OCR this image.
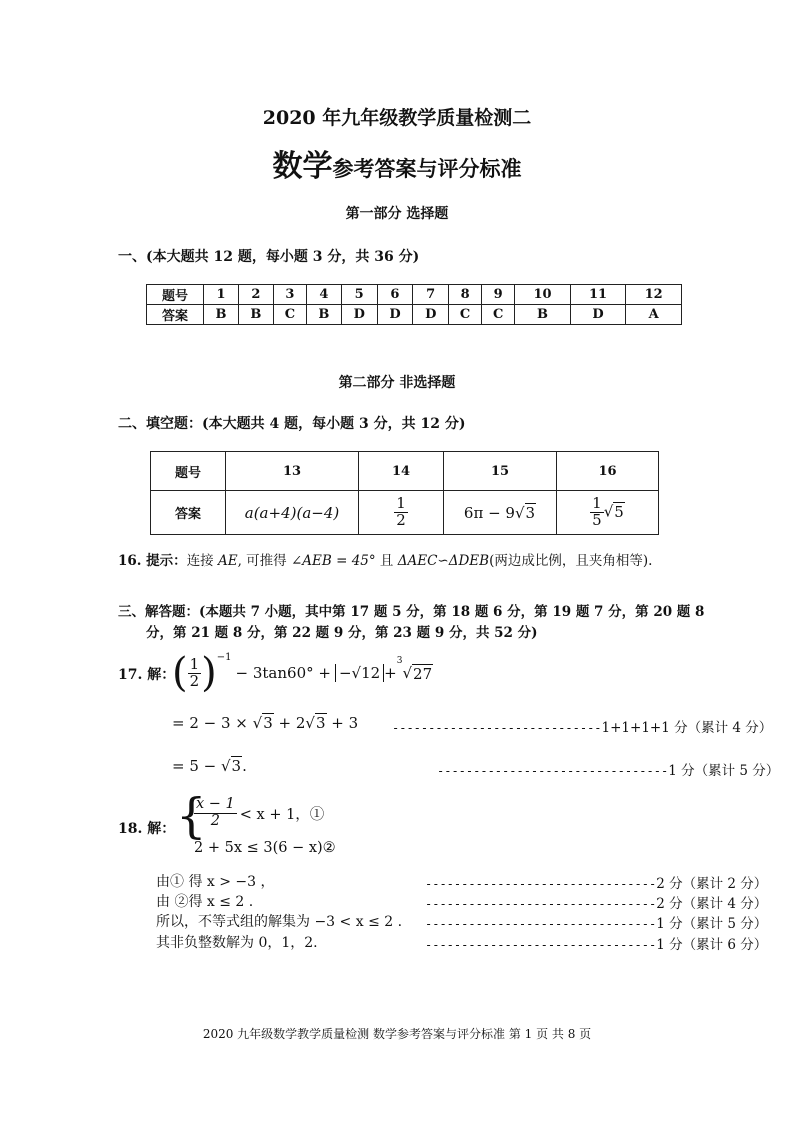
2020 年九年级教学质量检测二
数学参考答案与评分标准
第一部分 选择题
一、(本大题共 12 题，每小题 3 分，共 36 分)
题号	1	2	3	4	5	6	7	8	9	10	11	12
答案	B	B	C	B	D	D	D	C	C	B	D	A
第二部分 非选择题
二、填空题：(本大题共 4 题，每小题 3 分，共 12 分)
题号	13	14	15	16
答案	a(a+4)(a−4)	$\frac{1}{2}$	6π − 9√3	$\frac{1}{5} √5$
16. 提示：连接 AE, 可推得 ∠AEB = 45° 且 ΔAEC∽ΔDEB(两边成比例，且夹角相等).
三、解答题：(本题共 7 小题，其中第 17 题 5 分，第 18 题 6 分，第 19 题 7 分，第 20 题 8
分，第 21 题 8 分，第 22 题 9 分，第 23 题 9 分，共 52 分)
17. 解：
( $\frac{1}{2} )^{-1}$
− 3tan60° + −√12 +
$^3$
√ 27
= 2 − 3 × √3 + 2√3 + 3	-----------------------------1+1+1+1 分（累计 4 分）
= 5 − √3.	--------------------------------1 分（累计 5 分）
18. 解： {
$\frac{x - 1}{2} < x + 1$，①
2 + 5x ≤ 3(6 − x)②
由① 得 x > −3 ，	--------------------------------2 分（累计 2 分）
由 ②得 x ≤ 2 .	--------------------------------2 分（累计 4 分）
所以，不等式组的解集为 −3 < x ≤ 2 . --------------------------------1 分（累计 5 分）
其非负整数解为 0，1，2.	--------------------------------1 分（累计 6 分）
2020 九年级数学教学质量检测 数学参考答案与评分标准 第 1 页 共 8 页
